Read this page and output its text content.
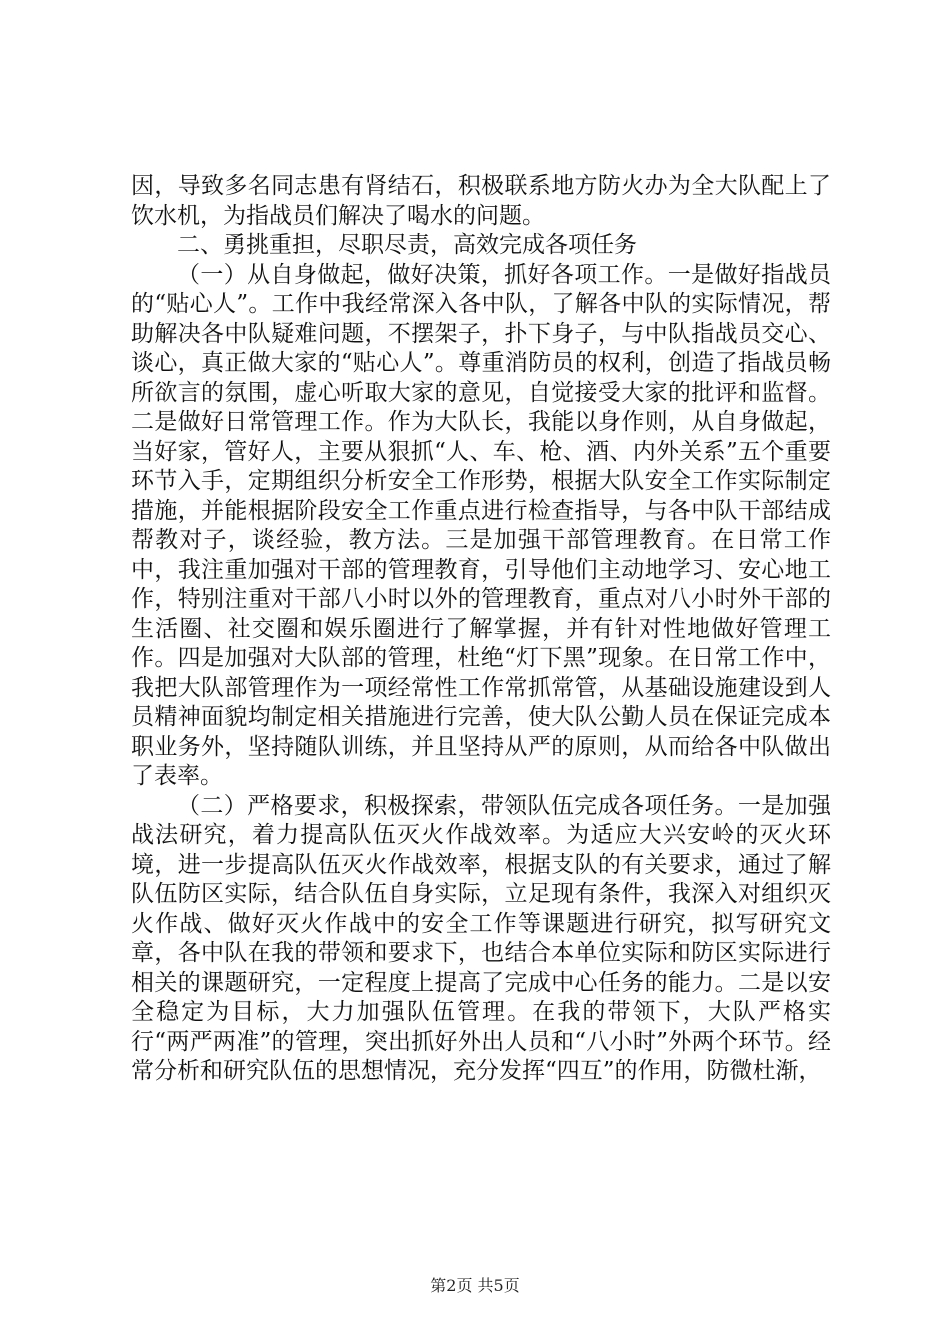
因，导致多名同志患有肾结石，积极联系地方防火办为全大队配上了饮水机，为指战员们解决了喝水的问题。

二、勇挑重担，尽职尽责，高效完成各项任务

（一）从自身做起，做好决策，抓好各项工作。一是做好指战员的“贴心人”。工作中我经常深入各中队，了解各中队的实际情况，帮助解决各中队疑难问题，不摆架子，扑下身子，与中队指战员交心、谈心，真正做大家的“贴心人”。尊重消防员的权利，创造了指战员畅所欲言的氛围，虚心听取大家的意见，自觉接受大家的批评和监督。二是做好日常管理工作。作为大队长，我能以身作则，从自身做起，当好家，管好人，主要从狠抓“人、车、枪、酒、内外关系”五个重要环节入手，定期组织分析安全工作形势，根据大队安全工作实际制定措施，并能根据阶段安全工作重点进行检查指导，与各中队干部结成帮教对子，谈经验，教方法。三是加强干部管理教育。在日常工作中，我注重加强对干部的管理教育，引导他们主动地学习、安心地工作，特别注重对干部八小时以外的管理教育，重点对八小时外干部的生活圈、社交圈和娱乐圈进行了解掌握，并有针对性地做好管理工作。四是加强对大队部的管理，杜绝“灯下黑”现象。在日常工作中，我把大队部管理作为一项经常性工作常抓常管，从基础设施建设到人员精神面貌均制定相关措施进行完善，使大队公勤人员在保证完成本职业务外，坚持随队训练，并且坚持从严的原则，从而给各中队做出了表率。

（二）严格要求，积极探索，带领队伍完成各项任务。一是加强战法研究，着力提高队伍灭火作战效率。为适应大兴安岭的灭火环境，进一步提高队伍灭火作战效率，根据支队的有关要求，通过了解队伍防区实际，结合队伍自身实际，立足现有条件，我深入对组织灭火作战、做好灭火作战中的安全工作等课题进行研究，拟写研究文章，各中队在我的带领和要求下，也结合本单位实际和防区实际进行相关的课题研究，一定程度上提高了完成中心任务的能力。二是以安全稳定为目标，大力加强队伍管理。在我的带领下，大队严格实行“两严两准”的管理，突出抓好外出人员和“八小时”外两个环节。经常分析和研究队伍的思想情况，充分发挥“四互”的作用，防微杜渐，

第2页 共5页
